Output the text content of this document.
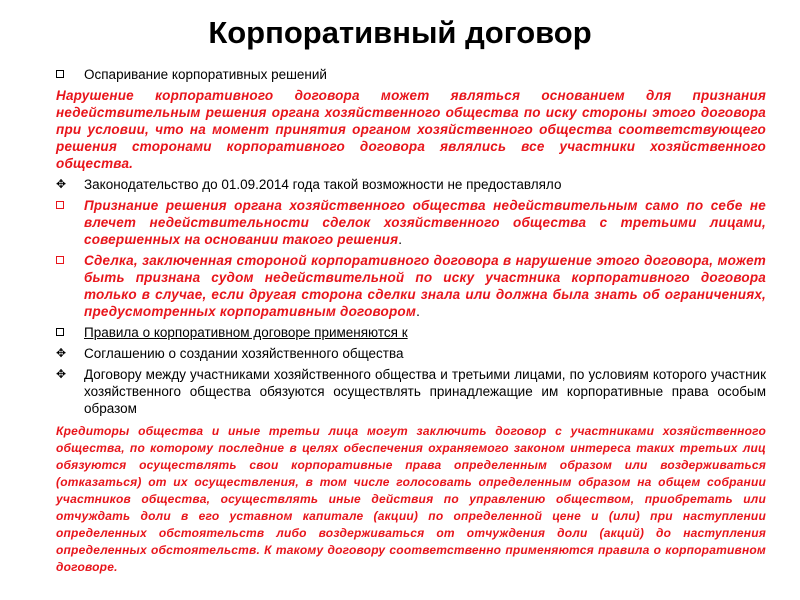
Корпоративный договор
Оспаривание корпоративных решений
Нарушение корпоративного договора может являться основанием для признания недействительным решения органа хозяйственного общества по иску стороны этого договора при условии, что на момент принятия органом хозяйственного общества соответствующего решения сторонами корпоративного договора являлись все участники хозяйственного общества.
✥	Законодательство до 01.09.2014 года такой возможности не предоставляло
Признание решения органа хозяйственного общества недействительным само по себе не влечет недействительности сделок хозяйственного общества с третьими лицами, совершенных на основании такого решения.
Сделка, заключенная стороной корпоративного договора в нарушение этого договора, может быть признана судом недействительной по иску участника корпоративного договора только в случае, если другая сторона сделки знала или должна была знать об ограничениях, предусмотренных корпоративным договором.
Правила о корпоративном договоре применяются к
✥	Соглашению о создании хозяйственного общества
✥	Договору между участниками хозяйственного общества и третьими лицами, по условиям которого участник хозяйственного общества обязуются осуществлять принадлежащие им корпоративные права особым образом
Кредиторы общества и иные третьи лица могут заключить договор с участниками хозяйственного общества, по которому последние в целях обеспечения охраняемого законом интереса таких третьих лиц обязуются осуществлять свои корпоративные права определенным образом или воздерживаться (отказаться) от их осуществления, в том числе голосовать определенным образом на общем собрании участников общества, осуществлять иные действия по управлению обществом, приобретать или отчуждать доли в его уставном капитале (акции) по определенной цене и (или) при наступлении определенных обстоятельств либо воздерживаться от отчуждения доли (акций) до наступления определенных обстоятельств. К такому договору соответственно применяются правила о корпоративном договоре.
